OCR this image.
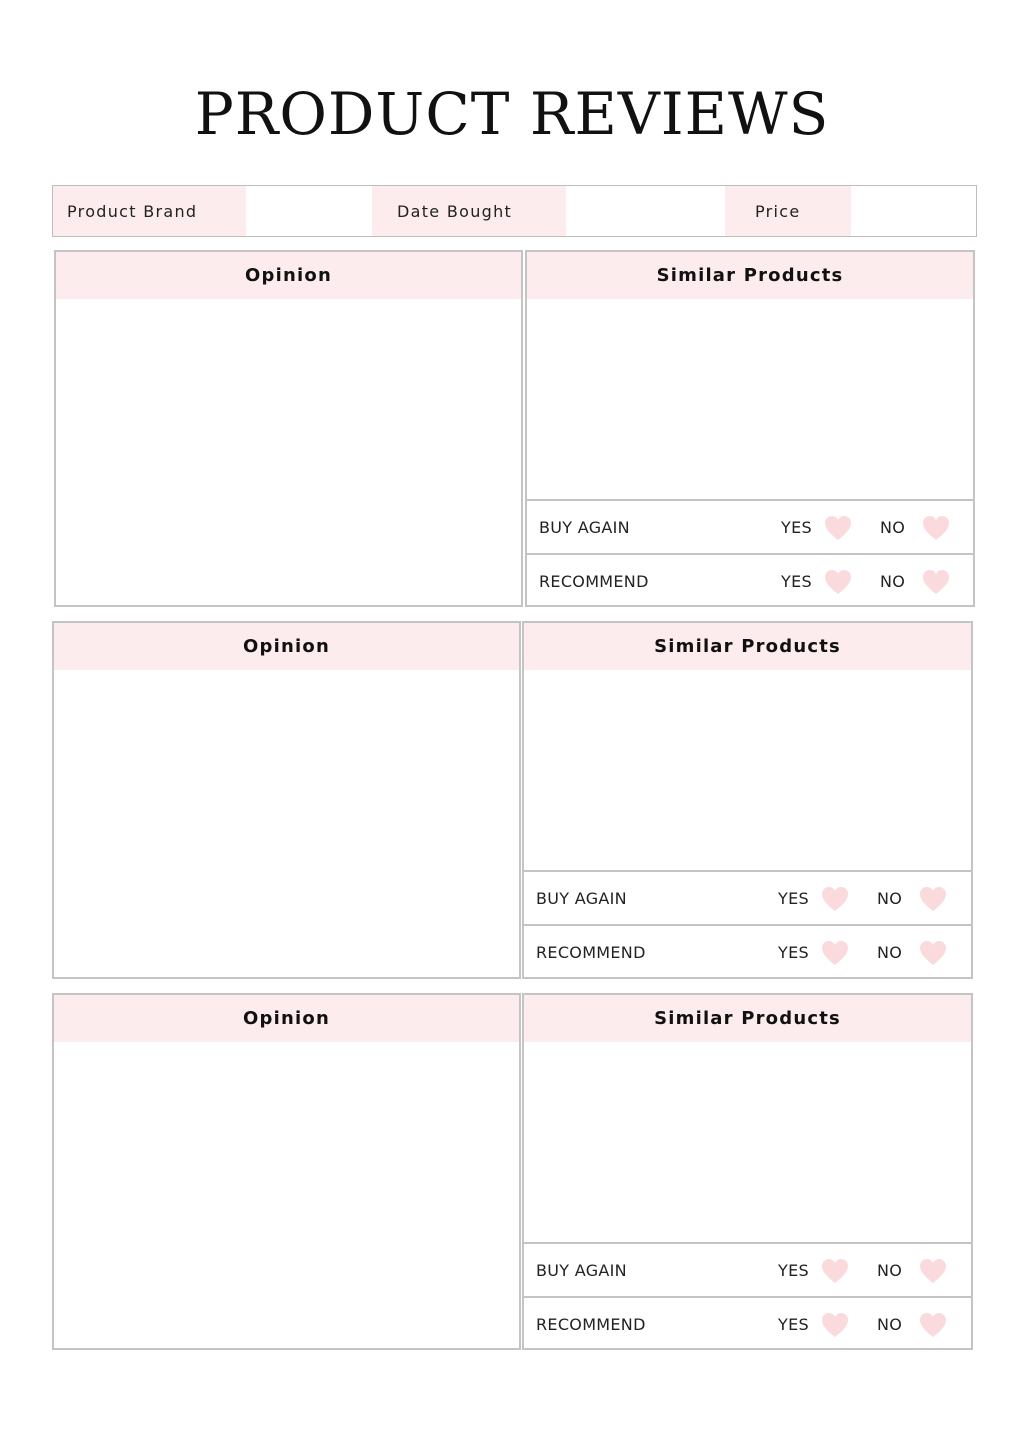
PRODUCT REVIEWS
Product Brand	Date Bought	Price
Opinion	Similar Products
BUY AGAIN	YES	NO
RECOMMEND	YES	NO
Opinion	Similar Products
BUY AGAIN	YES	NO
RECOMMEND	YES	NO
Opinion	Similar Products
BUY AGAIN	YES	NO
RECOMMEND	YES	NO
